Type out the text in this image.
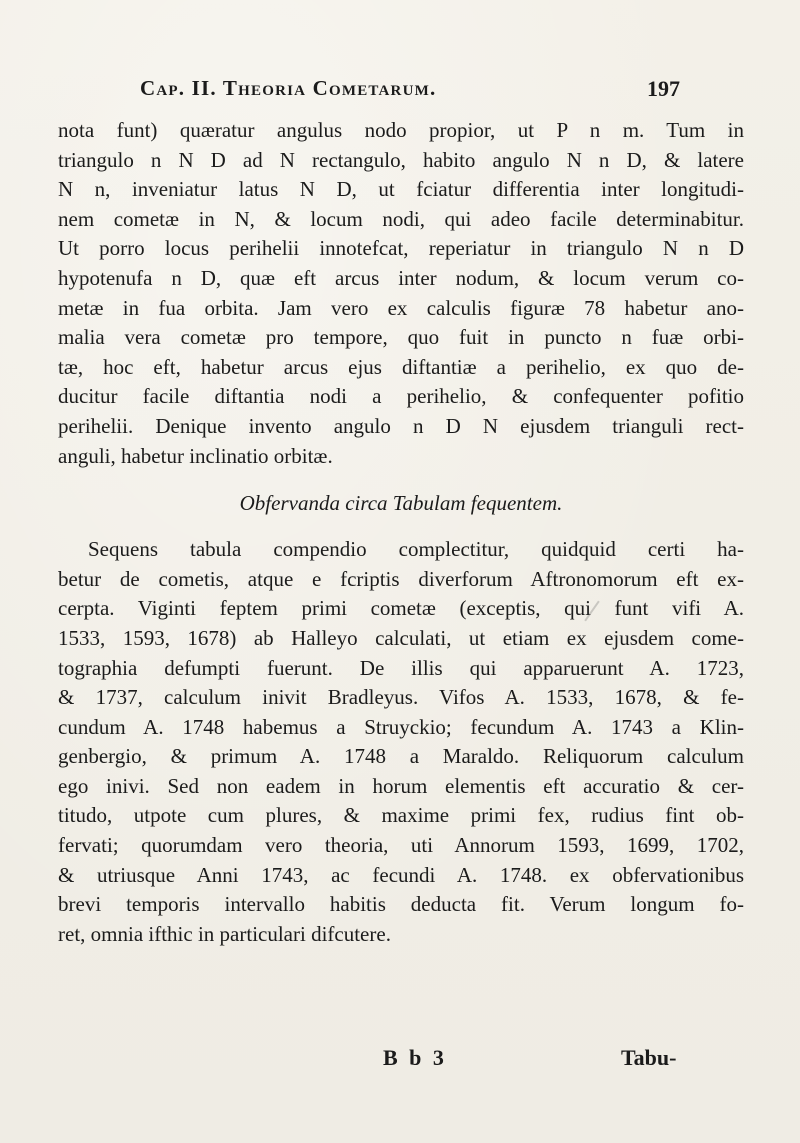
Cap. II. Theoria Cometarum.	197
nota funt) quæratur angulus nodo propior, ut P n m. Tum in
triangulo n N D ad N rectangulo, habito angulo N n D, & latere
N n, inveniatur latus N D, ut fciatur differentia inter longitudi-
nem cometæ in N, & locum nodi, qui adeo facile determinabitur.
Ut porro locus perihelii innotefcat, reperiatur in triangulo N n D
hypotenufa n D, quæ eft arcus inter nodum, & locum verum co-
metæ in fua orbita. Jam vero ex calculis figuræ 78 habetur ano-
malia vera cometæ pro tempore, quo fuit in puncto n fuæ orbi-
tæ, hoc eft, habetur arcus ejus diftantiæ a perihelio, ex quo de-
ducitur facile diftantia nodi a perihelio, & confequenter pofitio
perihelii. Denique invento angulo n D N ejusdem trianguli rect-
anguli, habetur inclinatio orbitæ.
Obfervanda circa Tabulam fequentem.
Sequens tabula compendio complectitur, quidquid certi ha-
betur de cometis, atque e fcriptis diverforum Aftronomorum eft ex-
cerpta. Viginti feptem primi cometæ (exceptis, qui funt vifi A.
1533, 1593, 1678) ab Halleyo calculati, ut etiam ex ejusdem come-
tographia defumpti fuerunt. De illis qui apparuerunt A. 1723,
& 1737, calculum inivit Bradleyus. Vifos A. 1533, 1678, & fe-
cundum A. 1748 habemus a Struyckio; fecundum A. 1743 a Klin-
genbergio, & primum A. 1748 a Maraldo. Reliquorum calculum
ego inivi. Sed non eadem in horum elementis eft accuratio & cer-
titudo, utpote cum plures, & maxime primi fex, rudius fint ob-
fervati; quorumdam vero theoria, uti Annorum 1593, 1699, 1702,
& utriusque Anni 1743, ac fecundi A. 1748. ex obfervationibus
brevi temporis intervallo habitis deducta fit. Verum longum fo-
ret, omnia ifthic in particulari difcutere.
B b 3	Tabu-
